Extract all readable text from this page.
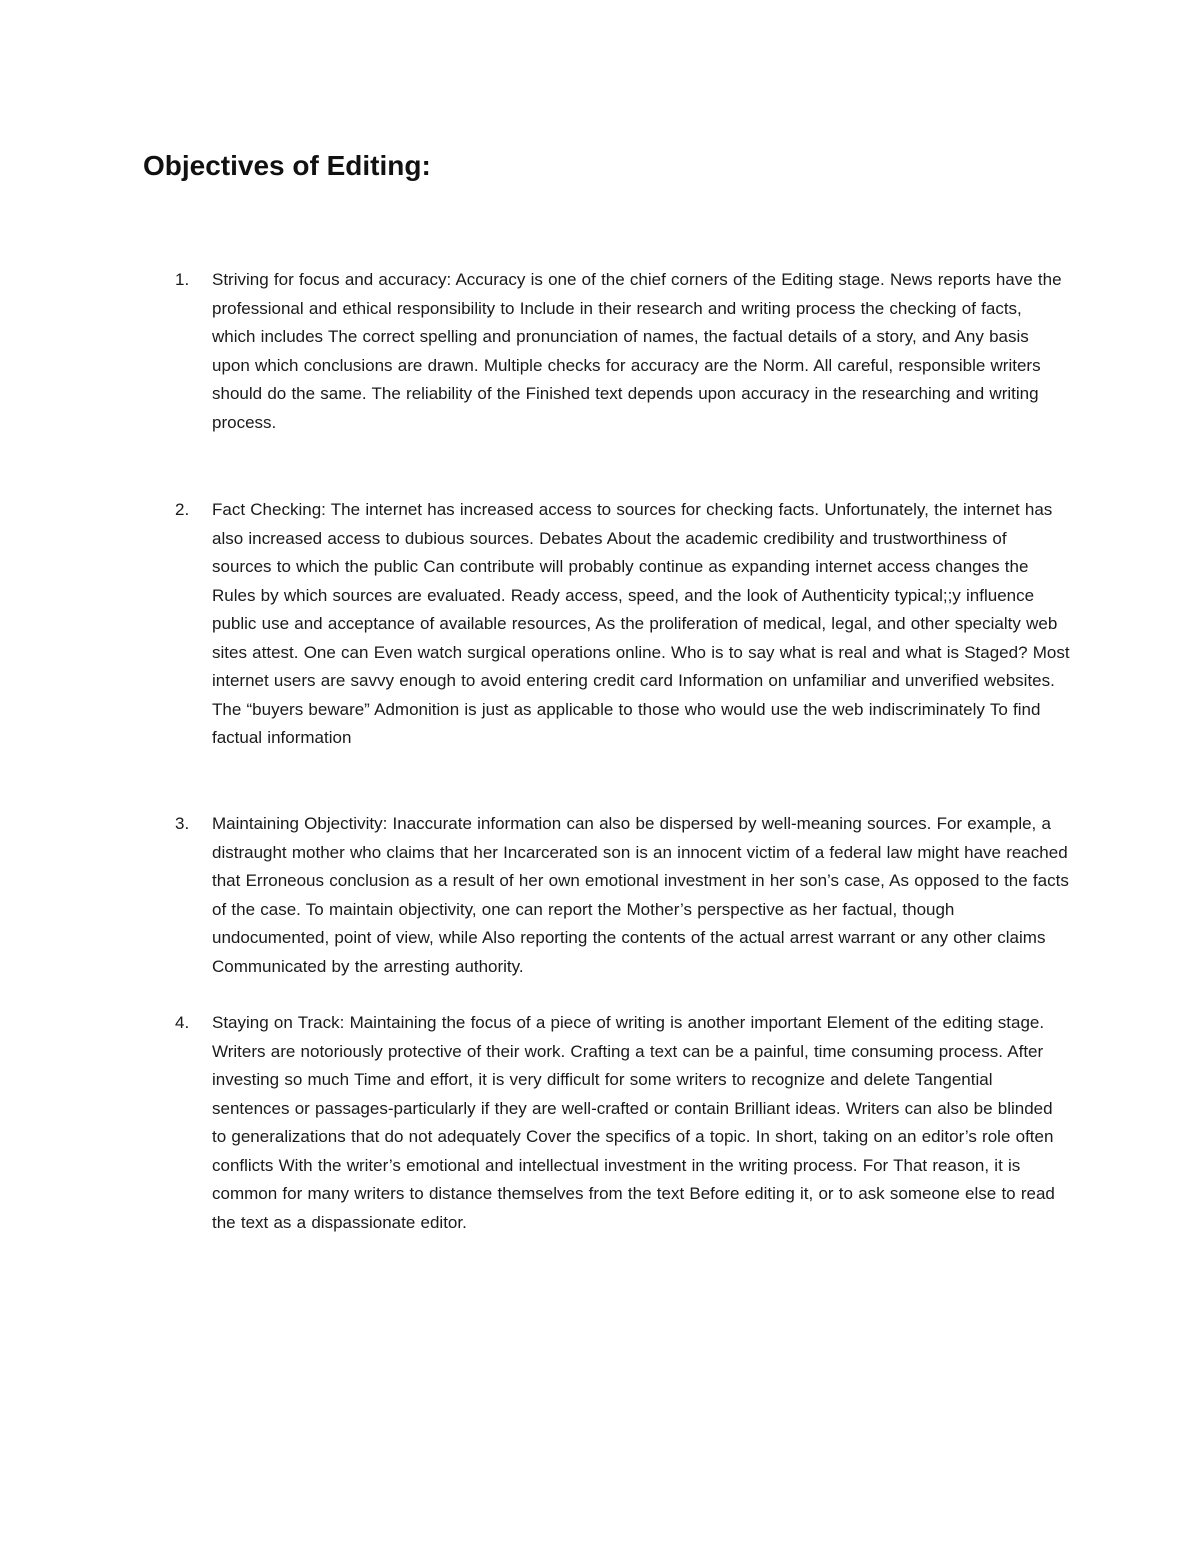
Objectives of Editing:
1.	Striving for focus and accuracy: Accuracy is one of the chief corners of the Editing stage. News reports have the professional and ethical responsibility to Include in their research and writing process the checking of facts, which includes The correct spelling and pronunciation of names, the factual details of a story, and Any basis upon which conclusions are drawn. Multiple checks for accuracy are the Norm. All careful, responsible writers should do the same. The reliability of the Finished text depends upon accuracy in the researching and writing process.
2.	Fact Checking: The internet has increased access to sources for checking facts. Unfortunately, the internet has also increased access to dubious sources. Debates About the academic credibility and trustworthiness of sources to which the public Can contribute will probably continue as expanding internet access changes the Rules by which sources are evaluated. Ready access, speed, and the look of Authenticity typical;;y influence public use and acceptance of available resources, As the proliferation of medical, legal, and other specialty web sites attest. One can Even watch surgical operations online. Who is to say what is real and what is Staged? Most internet users are savvy enough to avoid entering credit card Information on unfamiliar and unverified websites. The “buyers beware” Admonition is just as applicable to those who would use the web indiscriminately To find factual information
3.	Maintaining Objectivity: Inaccurate information can also be dispersed by well-meaning sources. For example, a distraught mother who claims that her Incarcerated son is an innocent victim of a federal law might have reached that Erroneous conclusion as a result of her own emotional investment in her son’s case, As opposed to the facts of the case. To maintain objectivity, one can report the Mother’s perspective as her factual, though undocumented, point of view, while Also reporting the contents of the actual arrest warrant or any other claims Communicated by the arresting authority.
4.	Staying on Track: Maintaining the focus of a piece of writing is another important Element of the editing stage. Writers are notoriously protective of their work. Crafting a text can be a painful, time consuming process. After investing so much Time and effort, it is very difficult for some writers to recognize and delete Tangential sentences or passages-particularly if they are well-crafted or contain Brilliant ideas. Writers can also be blinded to generalizations that do not adequately Cover the specifics of a topic. In short, taking on an editor’s role often conflicts With the writer’s emotional and intellectual investment in the writing process. For That reason, it is common for many writers to distance themselves from the text Before editing it, or to ask someone else to read the text as a dispassionate editor.
